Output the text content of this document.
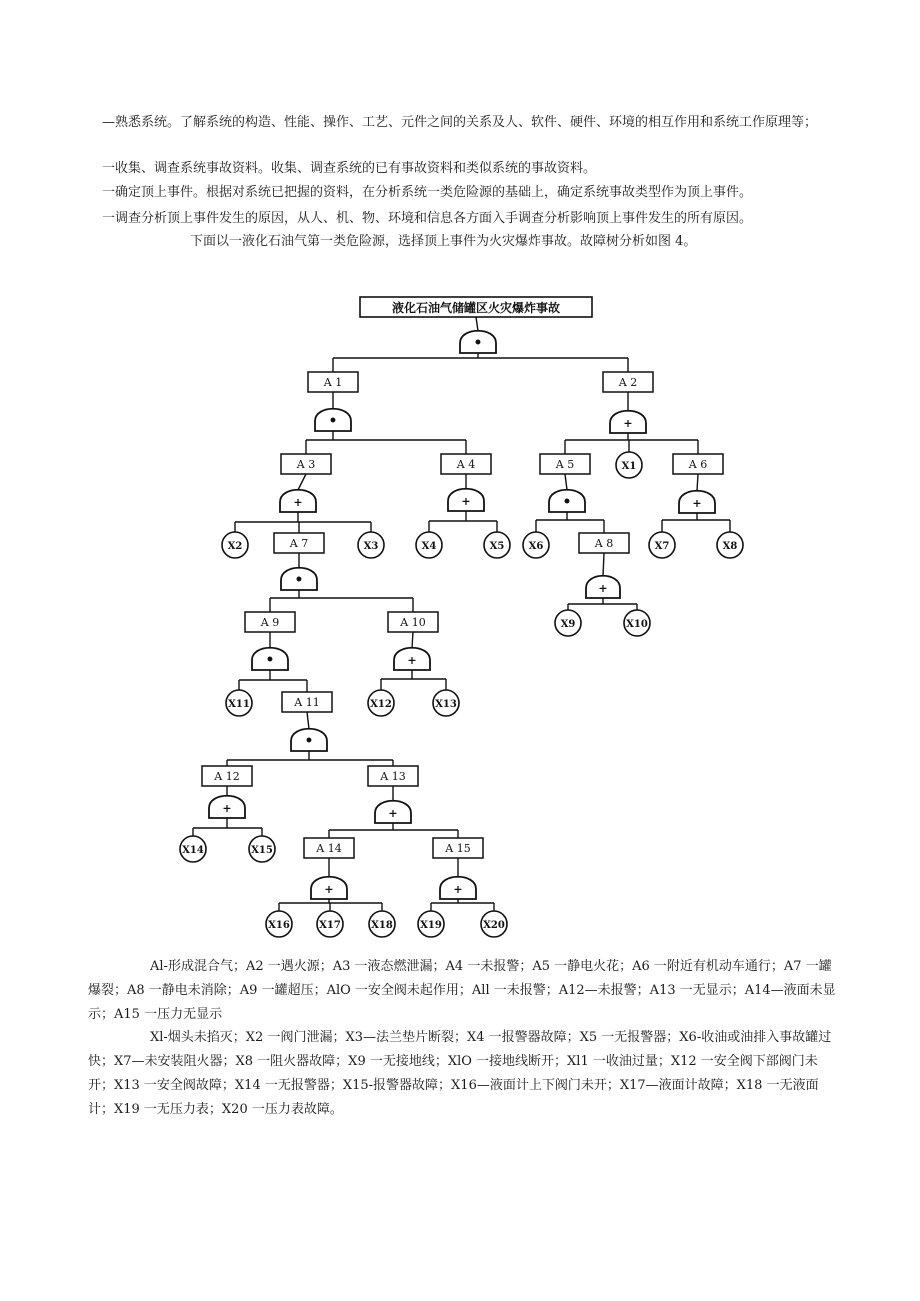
—熟悉系统。了解系统的构造、性能、操作、工艺、元件之间的关系及人、软件、硬件、环境的相互作用和系统工作原理等；
一收集、调查系统事故资料。收集、调查系统的已有事故资料和类似系统的事故资料。
一确定顶上事件。根据对系统已把握的资料，在分析系统一类危险源的基础上，确定系统事故类型作为顶上事件。
一调查分析顶上事件发生的原因，从人、机、物、环境和信息各方面入手调查分析影响顶上事件发生的所有原因。
下面以一液化石油气第一类危险源，选择顶上事件为火灾爆炸事故。故障树分析如图 4。
•
•	+
+	+	•	+
•
+
•	+
•
+	+
+	+
A 1	A 2
A 3	A 4	A 5	A 6
A 7	A 8
A 9	A 10
A 11
A 12	A 13
A 14	A 15
X1
X2	X3	X4	X5 X6	X7	X8
X9	X10
X11	X12	X13
X14	X15
X16	X17	X18	X19	X20
液化石油气储罐区火灾爆炸事故
Al-形成混合气；A2 一遇火源；A3 一液态燃泄漏；A4 一未报警；A5 一静电火花；A6 一附近有机动车通行；A7 一罐爆裂；A8 一静电未消除；A9 一罐超压；AlO 一安全阀未起作用；All 一未报警；A12—未报警；A13 一无显示；A14—液面未显示；A15 一压力无显示
Xl-烟头未掐灭；X2 一阀门泄漏；X3—法兰垫片断裂；X4 一报警器故障；X5 一无报警器；X6-收油或油排入事故罐过快；X7—未安装阻火器；X8 一阻火器故障；X9 一无接地线；XlO 一接地线断开；Xl1 一收油过量；X12 一安全阀下部阀门未开；X13 一安全阀故障；X14 一无报警器；X15-报警器故障；X16—液面计上下阀门未开；X17—液面计故障；X18 一无液面计；X19 一无压力表；X20 一压力表故障。
